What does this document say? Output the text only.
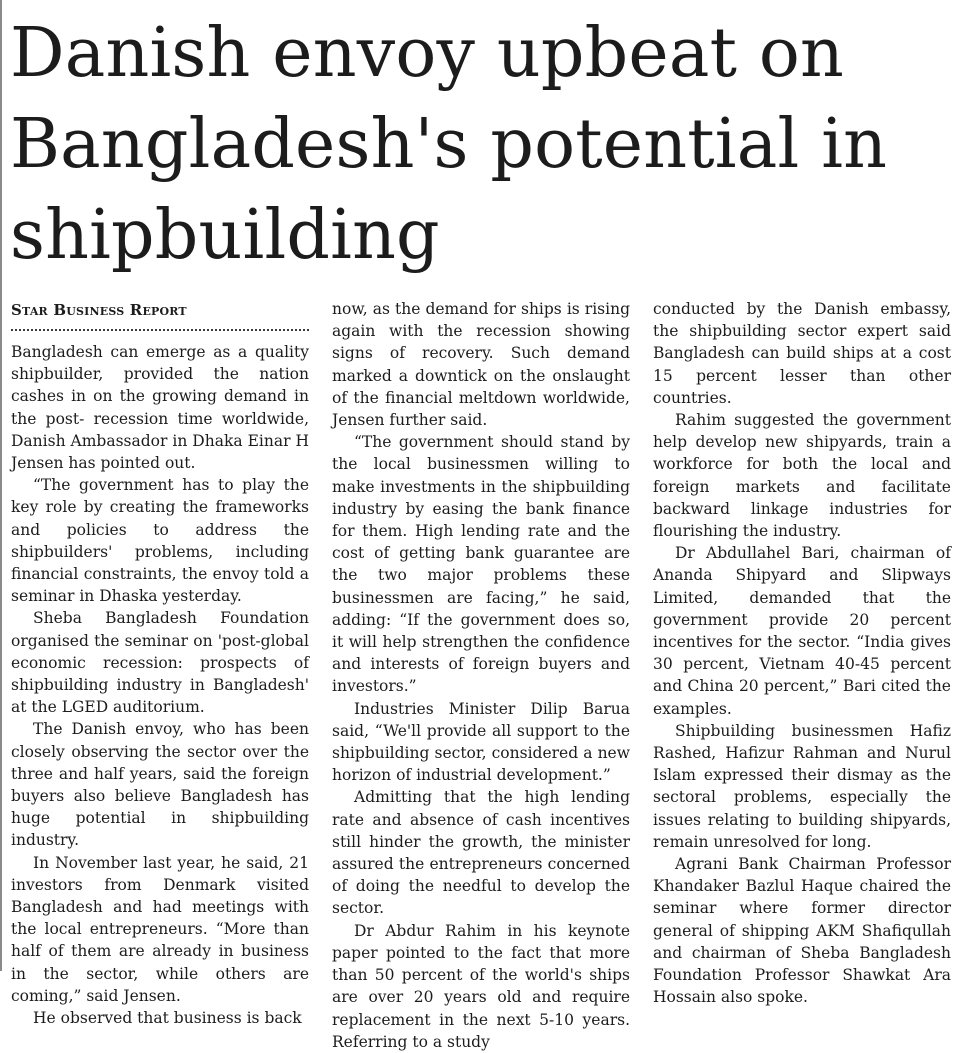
Danish envoy upbeat on Bangladesh's potential in shipbuilding
Star Business Report

Bangladesh can emerge as a quality shipbuilder, provided the nation cashes in on the growing demand in the post- recession time worldwide, Danish Ambassador in Dhaka Einar H Jensen has pointed out.

“The government has to play the key role by creating the frameworks and policies to address the shipbuilders' problems, including financial constraints, the envoy told a seminar in Dhaska yesterday.

Sheba Bangladesh Foundation organised the seminar on 'post-global economic recession: prospects of shipbuilding industry in Bangladesh' at the LGED auditorium.

The Danish envoy, who has been closely observing the sector over the three and half years, said the foreign buyers also believe Bangladesh has huge potential in shipbuilding industry.

In November last year, he said, 21 investors from Denmark visited Bangladesh and had meetings with the local entrepreneurs. “More than half of them are already in business in the sector, while others are coming,” said Jensen.

He observed that business is back

now, as the demand for ships is rising again with the recession showing signs of recovery. Such demand marked a downtick on the onslaught of the financial meltdown worldwide, Jensen further said.

“The government should stand by the local businessmen willing to make investments in the shipbuilding industry by easing the bank finance for them. High lending rate and the cost of getting bank guarantee are the two major problems these businessmen are facing,” he said, adding: “If the government does so, it will help strengthen the confidence and interests of foreign buyers and investors.”

Industries Minister Dilip Barua said, “We'll provide all support to the shipbuilding sector, considered a new horizon of industrial development.”

Admitting that the high lending rate and absence of cash incentives still hinder the growth, the minister assured the entrepreneurs concerned of doing the needful to develop the sector.

Dr Abdur Rahim in his keynote paper pointed to the fact that more than 50 percent of the world's ships are over 20 years old and require replacement in the next 5-10 years. Referring to a study

conducted by the Danish embassy, the shipbuilding sector expert said Bangladesh can build ships at a cost 15 percent lesser than other countries.

Rahim suggested the government help develop new shipyards, train a workforce for both the local and foreign markets and facilitate backward linkage industries for flourishing the industry.

Dr Abdullahel Bari, chairman of Ananda Shipyard and Slipways Limited, demanded that the government provide 20 percent incentives for the sector. “India gives 30 percent, Vietnam 40-45 percent and China 20 percent,” Bari cited the examples.

Shipbuilding businessmen Hafiz Rashed, Hafizur Rahman and Nurul Islam expressed their dismay as the sectoral problems, especially the issues relating to building shipyards, remain unresolved for long.

Agrani Bank Chairman Professor Khandaker Bazlul Haque chaired the seminar where former director general of shipping AKM Shafiqullah and chairman of Sheba Bangladesh Foundation Professor Shawkat Ara Hossain also spoke.
